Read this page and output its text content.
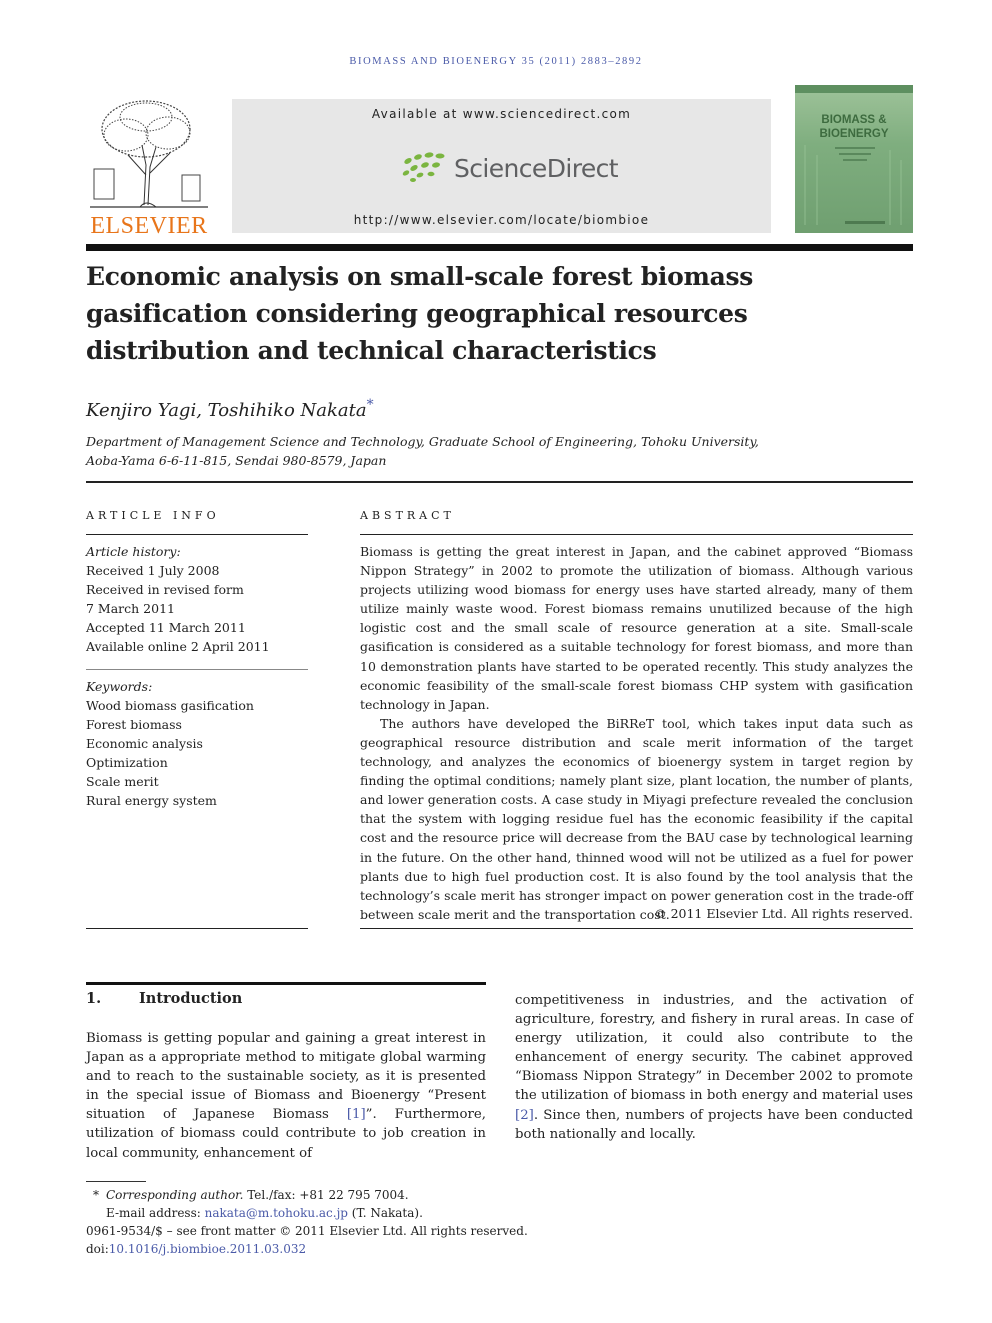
BIOMASS AND BIOENERGY 35 (2011) 2883–2892
ELSEVIER
Available at www.sciencedirect.com
ScienceDirect
http://www.elsevier.com/locate/biombioe
BIOMASS &
BIOENERGY
Economic analysis on small-scale forest biomass gasification considering geographical resources distribution and technical characteristics
Kenjiro Yagi, Toshihiko Nakata*
Department of Management Science and Technology, Graduate School of Engineering, Tohoku University,
Aoba-Yama 6-6-11-815, Sendai 980-8579, Japan
ARTICLE INFO
Article history:
Received 1 July 2008
Received in revised form
7 March 2011
Accepted 11 March 2011
Available online 2 April 2011
Keywords:
Wood biomass gasification
Forest biomass
Economic analysis
Optimization
Scale merit
Rural energy system
ABSTRACT

Biomass is getting the great interest in Japan, and the cabinet approved “Biomass Nippon Strategy” in 2002 to promote the utilization of biomass. Although various projects utilizing wood biomass for energy uses have started already, many of them utilize mainly waste wood. Forest biomass remains unutilized because of the high logistic cost and the small scale of resource generation at a site. Small-scale gasification is considered as a suitable technology for forest biomass, and more than 10 demonstration plants have started to be operated recently. This study analyzes the economic feasibility of the small-scale forest biomass CHP system with gasification technology in Japan.

The authors have developed the BiRReT tool, which takes input data such as geographical resource distribution and scale merit information of the target technology, and analyzes the economics of bioenergy system in target region by finding the optimal conditions; namely plant size, plant location, the number of plants, and lower generation costs. A case study in Miyagi prefecture revealed the conclusion that the system with logging residue fuel has the economic feasibility if the capital cost and the resource price will decrease from the BAU case by technological learning in the future. On the other hand, thinned wood will not be utilized as a fuel for power plants due to high fuel production cost. It is also found by the tool analysis that the technology’s scale merit has stronger impact on power generation cost in the trade-off between scale merit and the transportation cost.

© 2011 Elsevier Ltd. All rights reserved.
1.	Introduction

Biomass is getting popular and gaining a great interest in Japan as a appropriate method to mitigate global warming and to reach to the sustainable society, as it is presented in the special issue of Biomass and Bioenergy “Present situation of Japanese Biomass [1]”. Furthermore, utilization of biomass could contribute to job creation in local community, enhancement of

competitiveness in industries, and the activation of agriculture, forestry, and fishery in rural areas. In case of energy utilization, it could also contribute to the enhancement of energy security. The cabinet approved “Biomass Nippon Strategy” in December 2002 to promote the utilization of biomass in both energy and material uses [2]. Since then, numbers of projects have been conducted both nationally and locally.

* Corresponding author. Tel./fax: +81 22 795 7004.
E-mail address: nakata@m.tohoku.ac.jp (T. Nakata).
0961-9534/$ – see front matter © 2011 Elsevier Ltd. All rights reserved.
doi:10.1016/j.biombioe.2011.03.032
